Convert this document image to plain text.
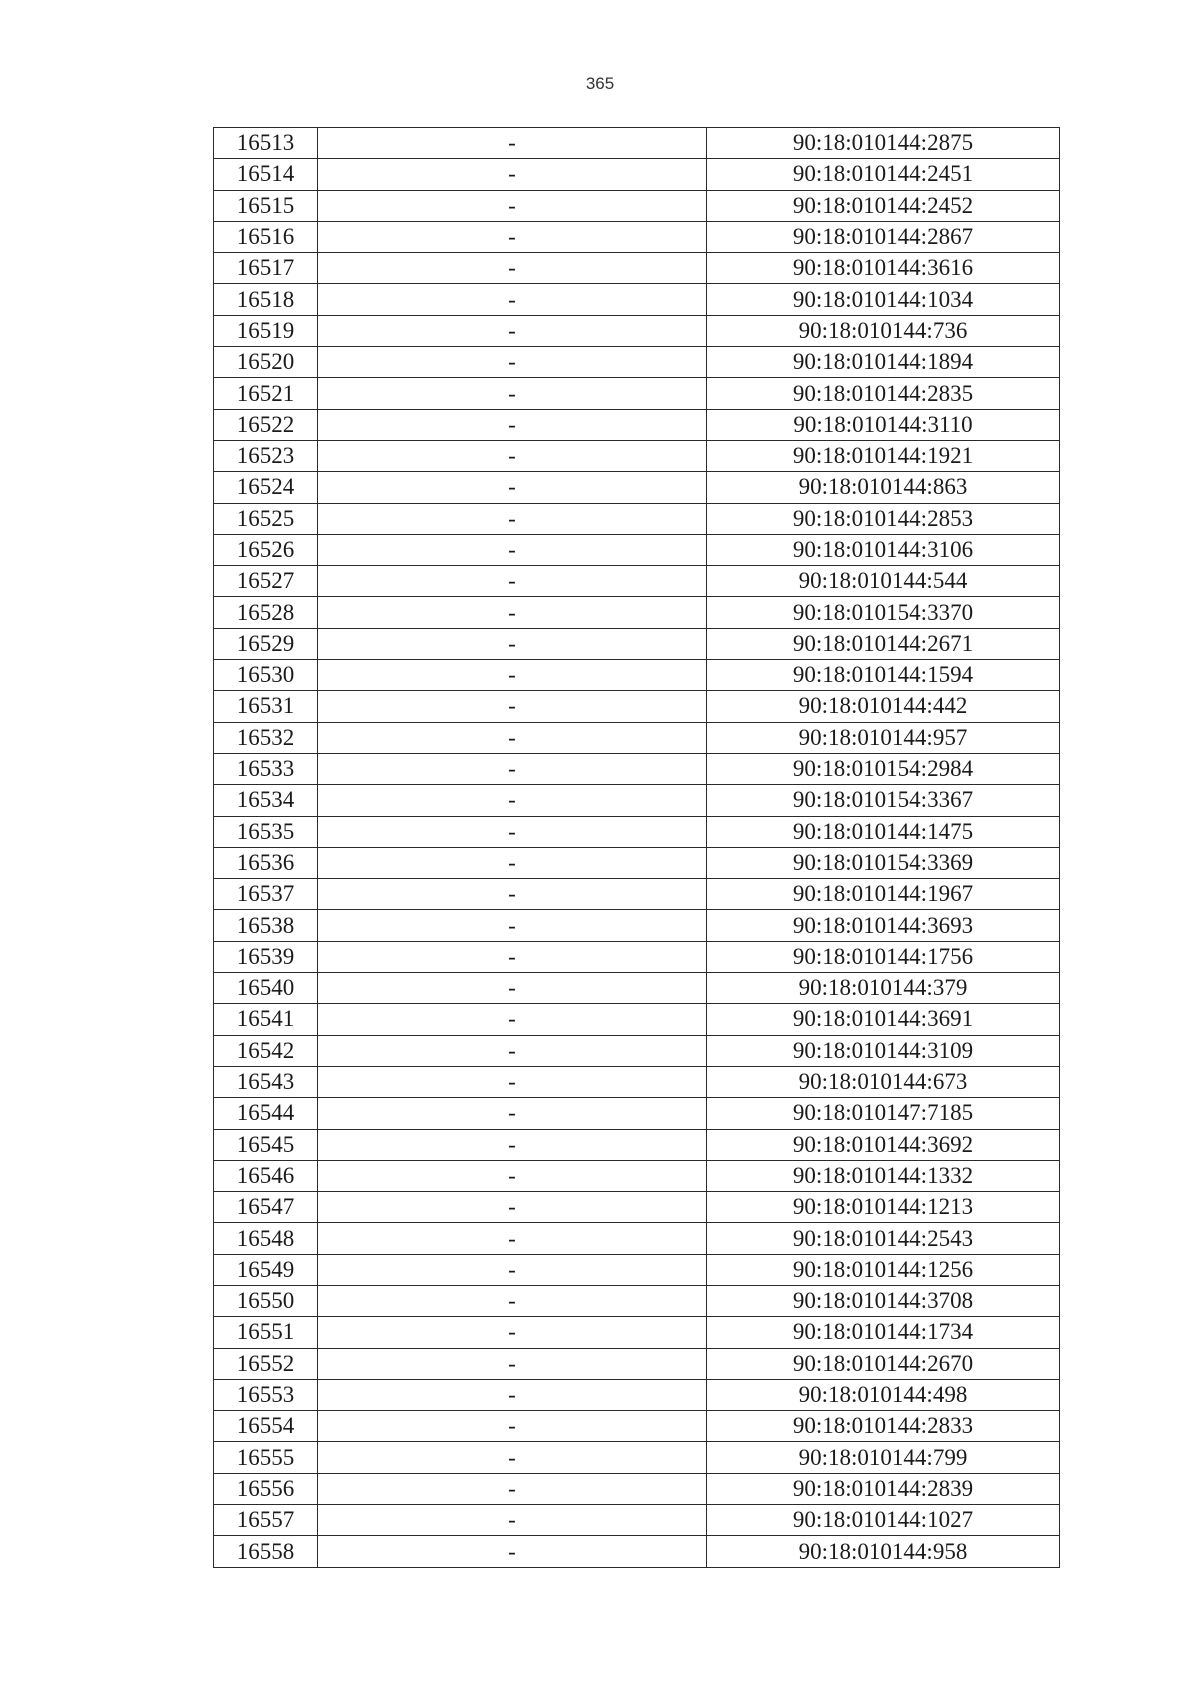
365
16513	-	90:18:010144:2875
16514	-	90:18:010144:2451
16515	-	90:18:010144:2452
16516	-	90:18:010144:2867
16517	-	90:18:010144:3616
16518	-	90:18:010144:1034
16519	-	90:18:010144:736
16520	-	90:18:010144:1894
16521	-	90:18:010144:2835
16522	-	90:18:010144:3110
16523	-	90:18:010144:1921
16524	-	90:18:010144:863
16525	-	90:18:010144:2853
16526	-	90:18:010144:3106
16527	-	90:18:010144:544
16528	-	90:18:010154:3370
16529	-	90:18:010144:2671
16530	-	90:18:010144:1594
16531	-	90:18:010144:442
16532	-	90:18:010144:957
16533	-	90:18:010154:2984
16534	-	90:18:010154:3367
16535	-	90:18:010144:1475
16536	-	90:18:010154:3369
16537	-	90:18:010144:1967
16538	-	90:18:010144:3693
16539	-	90:18:010144:1756
16540	-	90:18:010144:379
16541	-	90:18:010144:3691
16542	-	90:18:010144:3109
16543	-	90:18:010144:673
16544	-	90:18:010147:7185
16545	-	90:18:010144:3692
16546	-	90:18:010144:1332
16547	-	90:18:010144:1213
16548	-	90:18:010144:2543
16549	-	90:18:010144:1256
16550	-	90:18:010144:3708
16551	-	90:18:010144:1734
16552	-	90:18:010144:2670
16553	-	90:18:010144:498
16554	-	90:18:010144:2833
16555	-	90:18:010144:799
16556	-	90:18:010144:2839
16557	-	90:18:010144:1027
16558	-	90:18:010144:958
